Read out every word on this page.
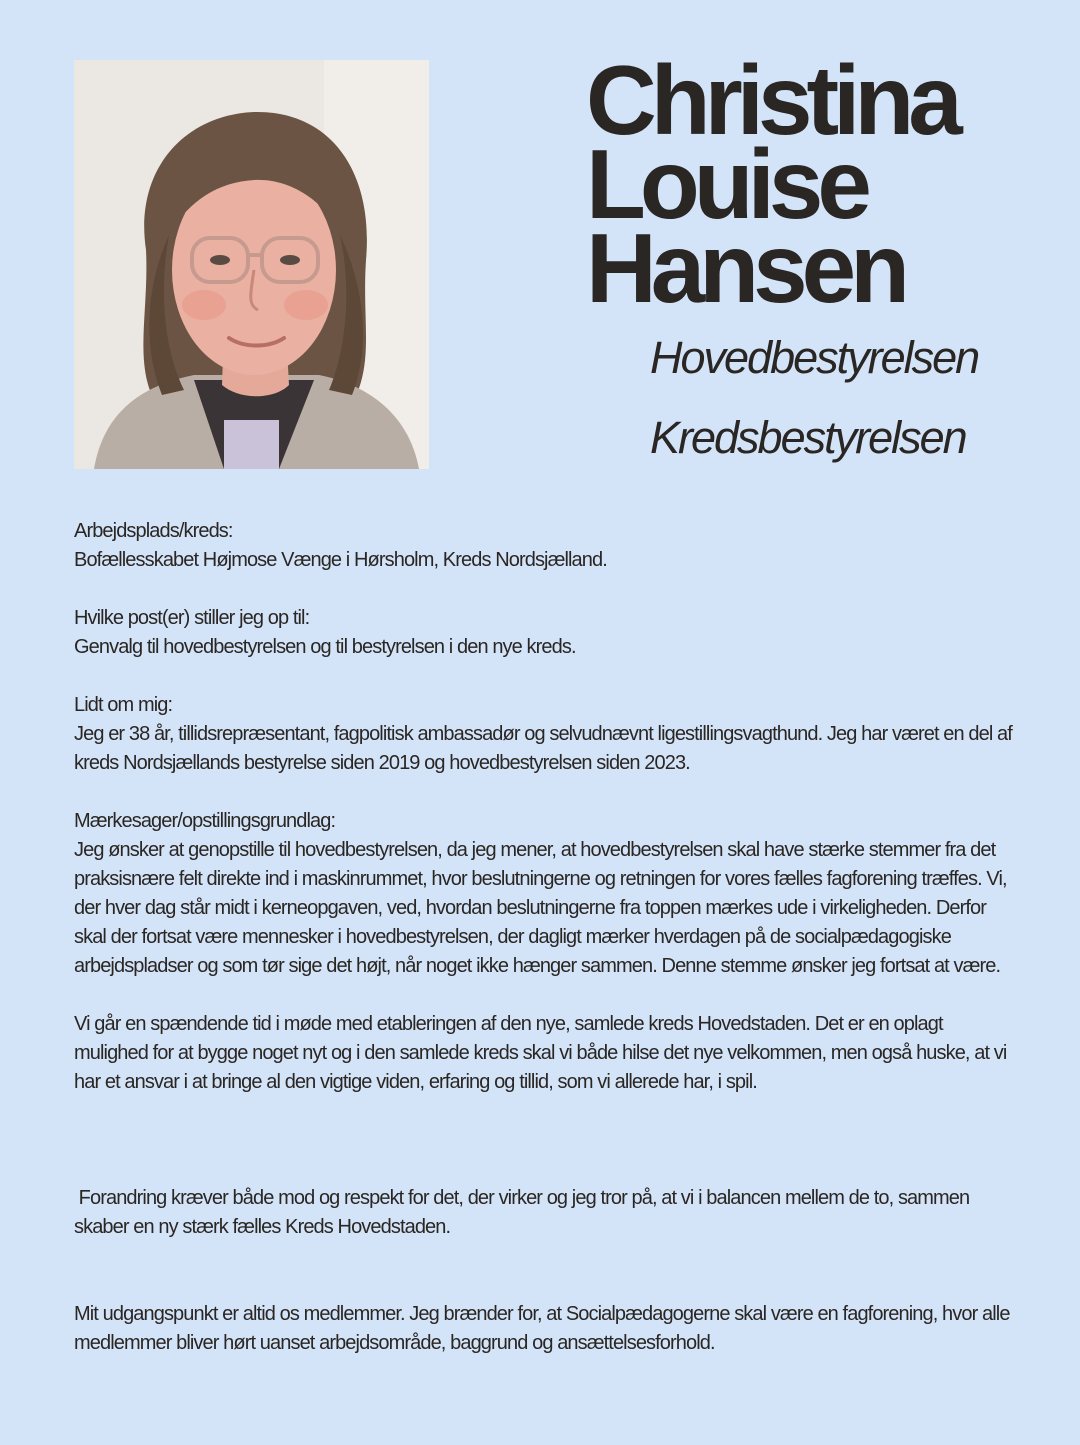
Christina
Louise
Hansen
Hovedbestyrelsen
Kredsbestyrelsen
Arbejdsplads/kreds:

Bofællesskabet Højmose Vænge i Hørsholm, Kreds Nordsjælland.

Hvilke post(er) stiller jeg op til:

Genvalg til hovedbestyrelsen og til bestyrelsen i den nye kreds.

Lidt om mig:

Jeg er 38 år, tillidsrepræsentant, fagpolitisk ambassadør og selvudnævnt ligestillingsvagthund. Jeg har været en del af kreds Nordsjællands bestyrelse siden 2019 og hovedbestyrelsen siden 2023.

Mærkesager/opstillingsgrundlag:

Jeg ønsker at genopstille til hovedbestyrelsen, da jeg mener, at hovedbestyrelsen skal have stærke stemmer fra det praksisnære felt direkte ind i maskinrummet, hvor beslutningerne og retningen for vores fælles fagforening træffes. Vi, der hver dag står midt i kerneopgaven, ved, hvordan beslutningerne fra toppen mærkes ude i virkeligheden. Derfor skal der fortsat være mennesker i hovedbestyrelsen, der dagligt mærker hverdagen på de socialpædagogiske arbejdspladser og som tør sige det højt, når noget ikke hænger sammen. Denne stemme ønsker jeg fortsat at være.

Vi går en spændende tid i møde med etableringen af den nye, samlede kreds Hovedstaden. Det er en oplagt mulighed for at bygge noget nyt og i den samlede kreds skal vi både hilse det nye velkommen, men også huske, at vi har et ansvar i at bringe al den vigtige viden, erfaring og tillid, som vi allerede har, i spil.

Forandring kræver både mod og respekt for det, der virker og jeg tror på, at vi i balancen mellem de to, sammen skaber en ny stærk fælles Kreds Hovedstaden.

Mit udgangspunkt er altid os medlemmer. Jeg brænder for, at Socialpædagogerne skal være en fagforening, hvor alle medlemmer bliver hørt uanset arbejdsområde, baggrund og ansættelsesforhold.
